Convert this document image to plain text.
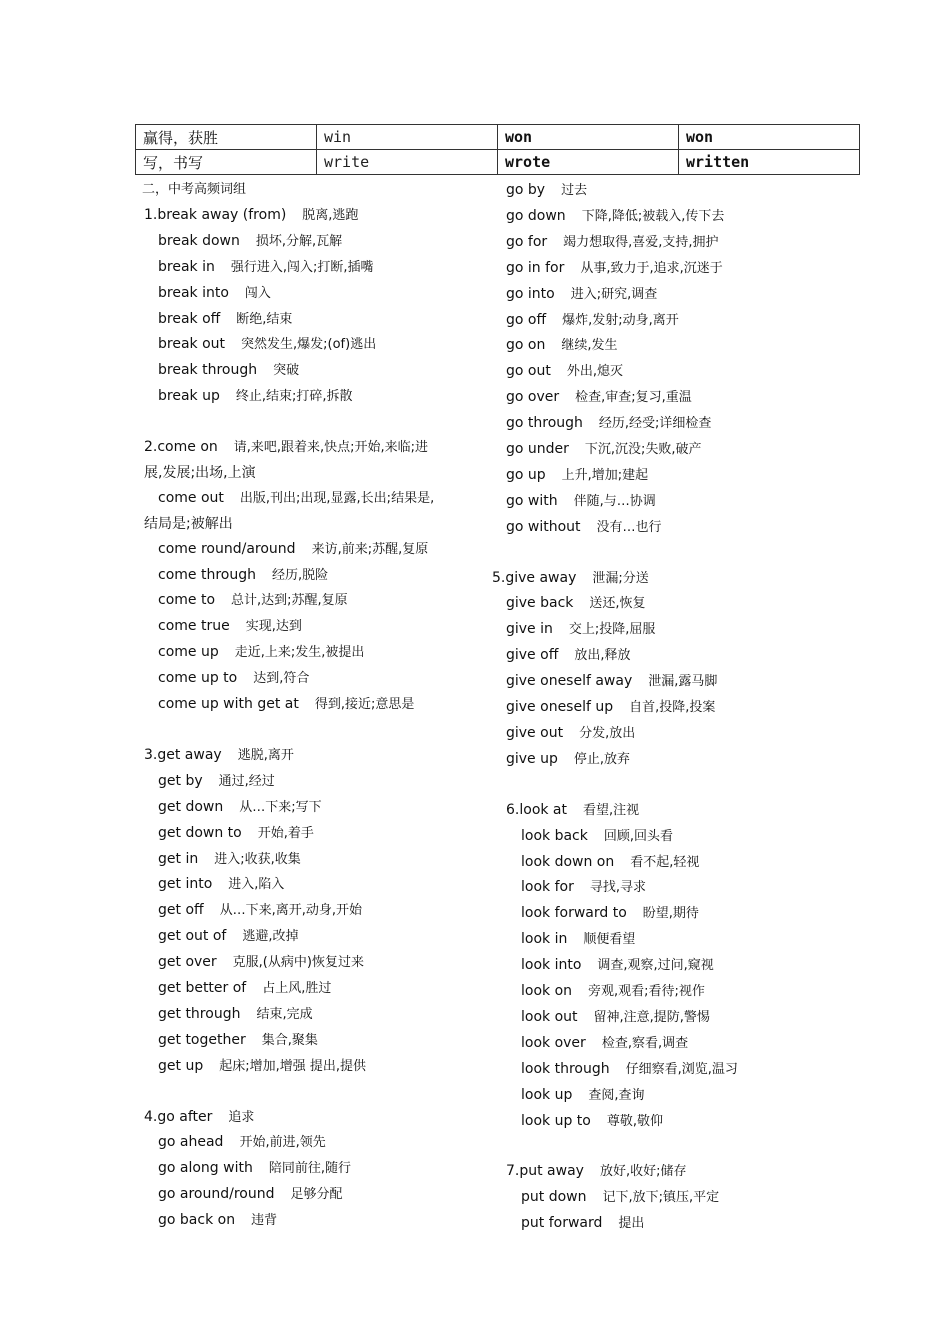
赢得，获胜	win	won	won
写，书写	write	wrote	written
二，中考高频词组
1.break away (from) 脱离,逃跑
break down 损坏,分解,瓦解
break in 强行进入,闯入;打断,插嘴
break into 闯入
break off 断绝,结束
break out 突然发生,爆发;(of)逃出
break through 突破
break up 终止,结束;打碎,拆散
2.come on 请,来吧,跟着来,快点;开始,来临;进
展,发展;出场,上演
come out 出版,刊出;出现,显露,长出;结果是,
结局是;被解出
come round/around 来访,前来;苏醒,复原
come through 经历,脱险
come to 总计,达到;苏醒,复原
come true 实现,达到
come up 走近,上来;发生,被提出
come up to 达到,符合
come up with get at 得到,接近;意思是
3.get away 逃脱,离开
get by 通过,经过
get down 从…下来;写下
get down to 开始,着手
get in 进入;收获,收集
get into 进入,陷入
get off 从…下来,离开,动身,开始
get out of 逃避,改掉
get over 克服,(从病中)恢复过来
get better of 占上风,胜过
get through 结束,完成
get together 集合,聚集
get up 起床;增加,增强 提出,提供
4.go after 追求
go ahead 开始,前进,领先
go along with 陪同前往,随行
go around/round 足够分配
go back on 违背
go by 过去
go down 下降,降低;被载入,传下去
go for 竭力想取得,喜爱,支持,拥护
go in for 从事,致力于,追求,沉迷于
go into 进入;研究,调查
go off 爆炸,发射;动身,离开
go on 继续,发生
go out 外出,熄灭
go over 检查,审查;复习,重温
go through 经历,经受;详细检查
go under 下沉,沉没;失败,破产
go up 上升,增加;建起
go with 伴随,与…协调
go without 没有…也行
5.give away 泄漏;分送
give back 送还,恢复
give in 交上;投降,屈服
give off 放出,释放
give oneself away 泄漏,露马脚
give oneself up 自首,投降,投案
give out 分发,放出
give up 停止,放弃
6.look at 看望,注视
look back 回顾,回头看
look down on 看不起,轻视
look for 寻找,寻求
look forward to 盼望,期待
look in 顺便看望
look into 调查,观察,过问,窥视
look on 旁观,观看;看待;视作
look out 留神,注意,提防,警惕
look over 检查,察看,调查
look through 仔细察看,浏览,温习
look up 查阅,查询
look up to 尊敬,敬仰
7.put away 放好,收好;储存
put down 记下,放下;镇压,平定
put forward 提出
